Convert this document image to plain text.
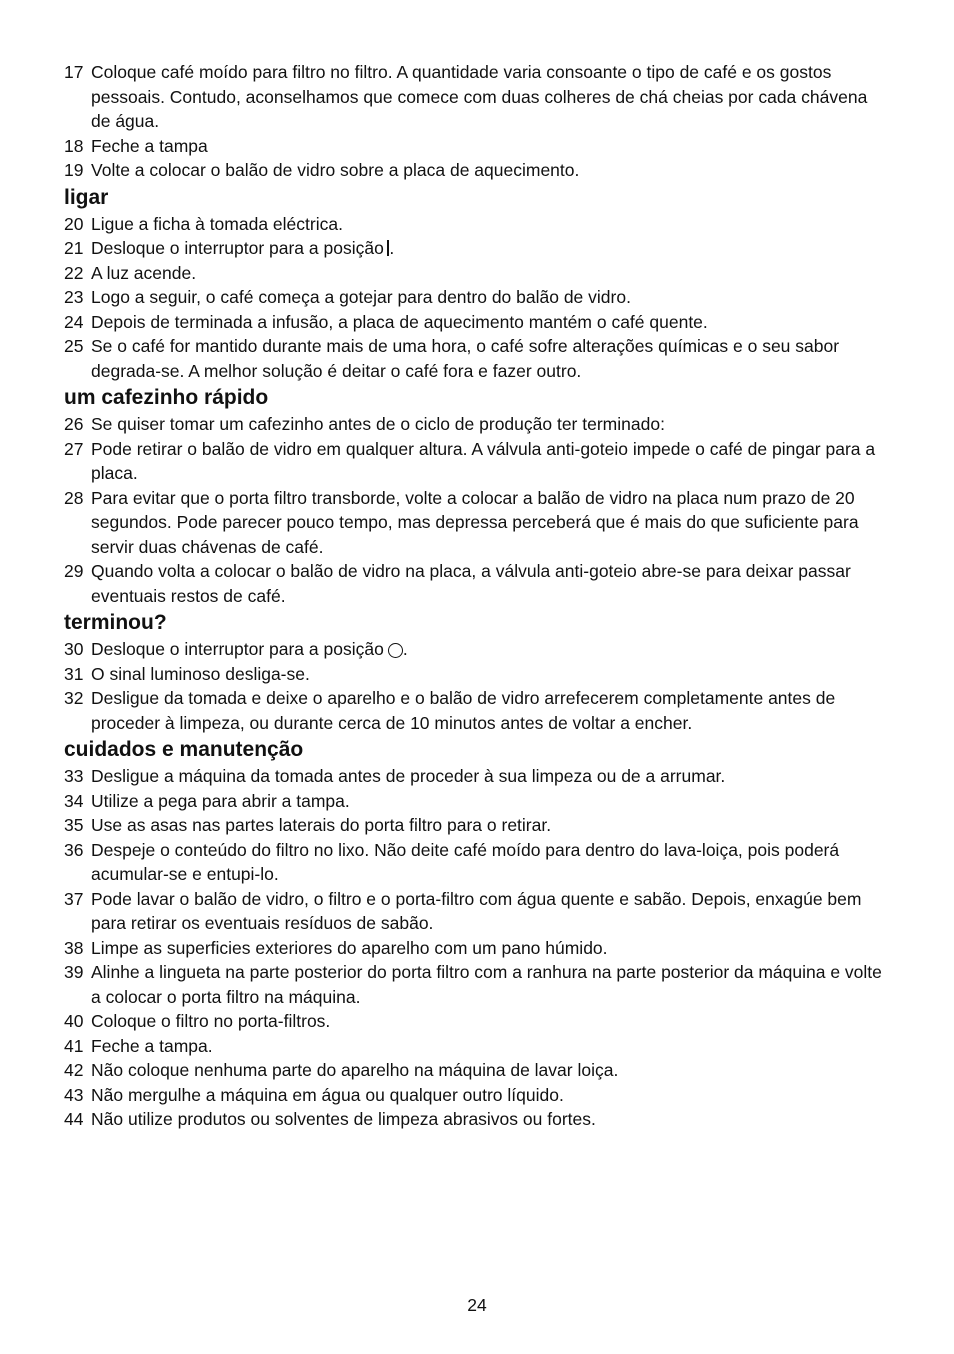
17 Coloque café moído para filtro no filtro. A quantidade varia consoante o tipo de café e os gostos pessoais. Contudo, aconselhamos que comece com duas colheres de chá cheias por cada chávena de água.
18 Feche a tampa
19 Volte a colocar o balão de vidro sobre a placa de aquecimento.
ligar
20 Ligue a ficha à tomada eléctrica.
21 Desloque o interruptor para a posição .
22 A luz acende.
23 Logo a seguir, o café começa a gotejar para dentro do balão de vidro.
24 Depois de terminada a infusão, a placa de aquecimento mantém o café quente.
25 Se o café for mantido durante mais de uma hora, o café sofre alterações químicas e o seu sabor degrada-se. A melhor solução é deitar o café fora e fazer outro.
um cafezinho rápido
26 Se quiser tomar um cafezinho antes de o ciclo de produção ter terminado:
27 Pode retirar o balão de vidro em qualquer altura. A válvula anti-goteio impede o café de pingar para a placa.
28 Para evitar que o porta filtro transborde, volte a colocar a balão de vidro na placa num prazo de 20 segundos. Pode parecer pouco tempo, mas depressa perceberá que é mais do que suficiente para servir duas chávenas de café.
29 Quando volta a colocar o balão de vidro na placa, a válvula anti-goteio abre-se para deixar passar eventuais restos de café.
terminou?
30 Desloque o interruptor para a posição .
31 O sinal luminoso desliga-se.
32 Desligue da tomada e deixe o aparelho e o balão de vidro arrefecerem completamente antes de proceder à limpeza, ou durante cerca de 10 minutos antes de voltar a encher.
cuidados e manutenção
33 Desligue a máquina da tomada antes de proceder à sua limpeza ou de a arrumar.
34 Utilize a pega para abrir a tampa.
35 Use as asas nas partes laterais do porta filtro para o retirar.
36 Despeje o conteúdo do filtro no lixo. Não deite café moído para dentro do lava-loiça, pois poderá acumular-se e entupi-lo.
37 Pode lavar o balão de vidro, o filtro e o porta-filtro com água quente e sabão. Depois, enxagúe bem para retirar os eventuais resíduos de sabão.
38 Limpe as superficies exteriores do aparelho com um pano húmido.
39 Alinhe a lingueta na parte posterior do porta filtro com a ranhura na parte posterior da máquina e volte a colocar o porta filtro na máquina.
40 Coloque o filtro no porta-filtros.
41 Feche a tampa.
42 Não coloque nenhuma parte do aparelho na máquina de lavar loiça.
43 Não mergulhe a máquina em água ou qualquer outro líquido.
44 Não utilize produtos ou solventes de limpeza abrasivos ou fortes.
24
